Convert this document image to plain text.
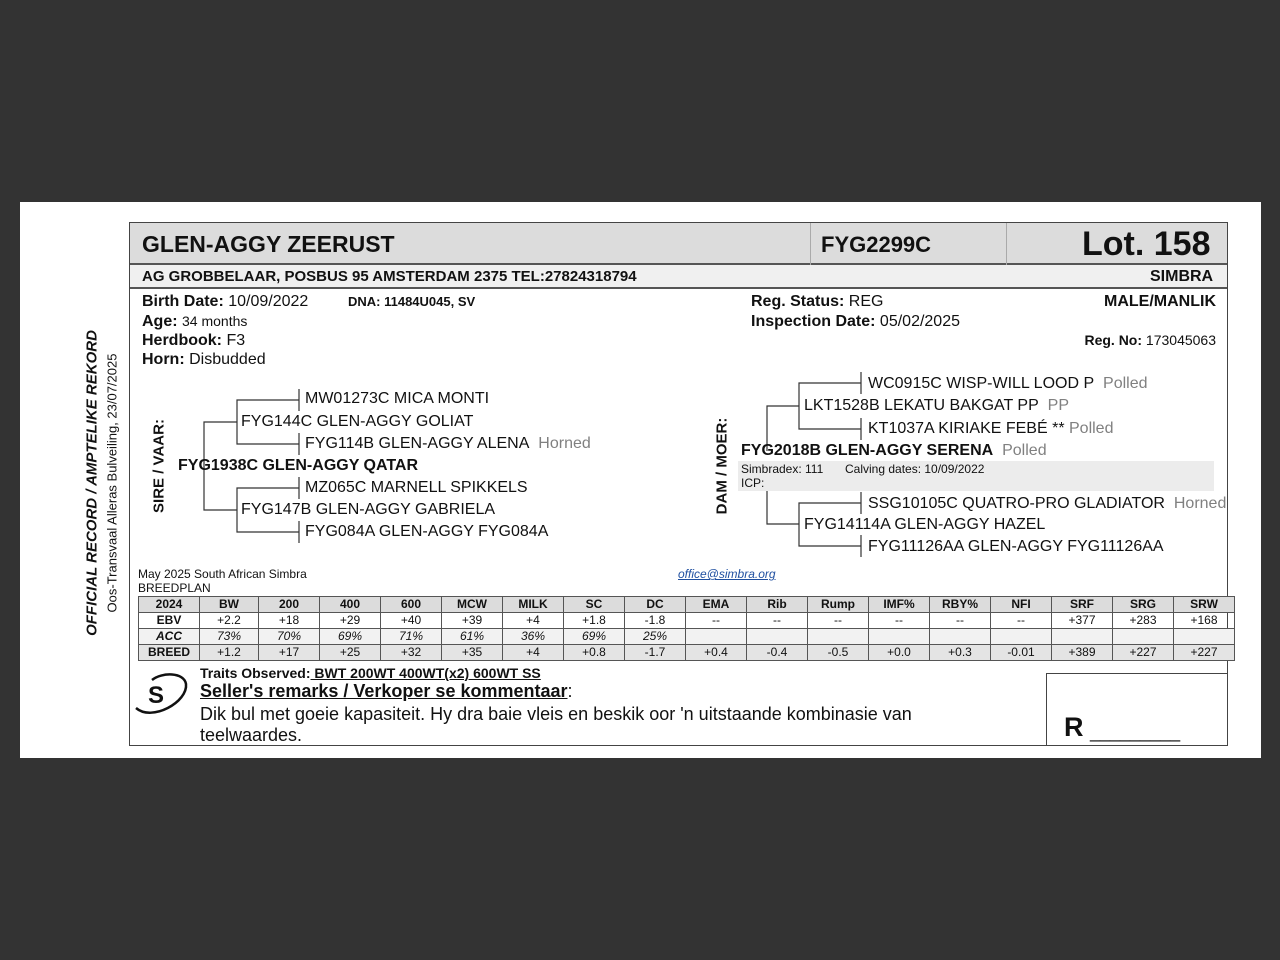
OFFICIAL RECORD / AMPTELIKE REKORD Oos-Transvaal Alleras Bulveiling, 23/07/2025
GLEN-AGGY ZEERUST	FYG2299C	Lot. 158
AG GROBBELAAR, POSBUS 95 AMSTERDAM 2375 TEL:27824318794	SIMBRA
Birth Date: 10/09/2022	DNA: 11484U045, SV
Age: 34 months
Herdbook: F3
Horn: Disbudded
Reg. Status: REG
Inspection Date: 05/02/2025
MALE/MANLIK
Reg. No: 173045063
SIRE / VAAR: FYG1938C GLEN-AGGY QATAR
FYG144C GLEN-AGGY GOLIAT
MW01273C MICA MONTI
FYG114B GLEN-AGGY ALENA Horned
FYG147B GLEN-AGGY GABRIELA
MZ065C MARNELL SPIKKELS
FYG084A GLEN-AGGY FYG084A
DAM / MOER:
WC0915C WISP-WILL LOOD P Polled
LKT1528B LEKATU BAKGAT PP PP
KT1037A KIRIAKE FEBÉ ** Polled
FYG2018B GLEN-AGGY SERENA Polled
Simbradex: 111 Calving dates: 10/09/2022
ICP:
SSG10105C QUATRO-PRO GLADIATOR Horned
FYG14114A GLEN-AGGY HAZEL
FYG11126AA GLEN-AGGY FYG11126AA
May 2025 South African Simbra
BREEDPLAN
office@simbra.org
2024	BW	200	400	600	MCW	MILK	SC	DC	EMA	Rib	Rump	IMF%	RBY%	NFI	SRF	SRG	SRW
EBV	+2.2	+18	+29	+40	+39	+4	+1.8	-1.8	--	--	--	--	--	--	+377	+283	+168
ACC	73%	70%	69%	71%	61%	36%	69%	25%									
BREED	+1.2	+17	+25	+32	+35	+4	+0.8	-1.7	+0.4	-0.4	-0.5	+0.0	+0.3	-0.01	+389	+227	+227
Traits Observed: BWT 200WT 400WT(x2) 600WT SS
S Seller's remarks / Verkoper se kommentaar:
Dik bul met goeie kapasiteit. Hy dra baie vleis en beskik oor 'n uitstaande kombinasie van
teelwaardes.	R _________
